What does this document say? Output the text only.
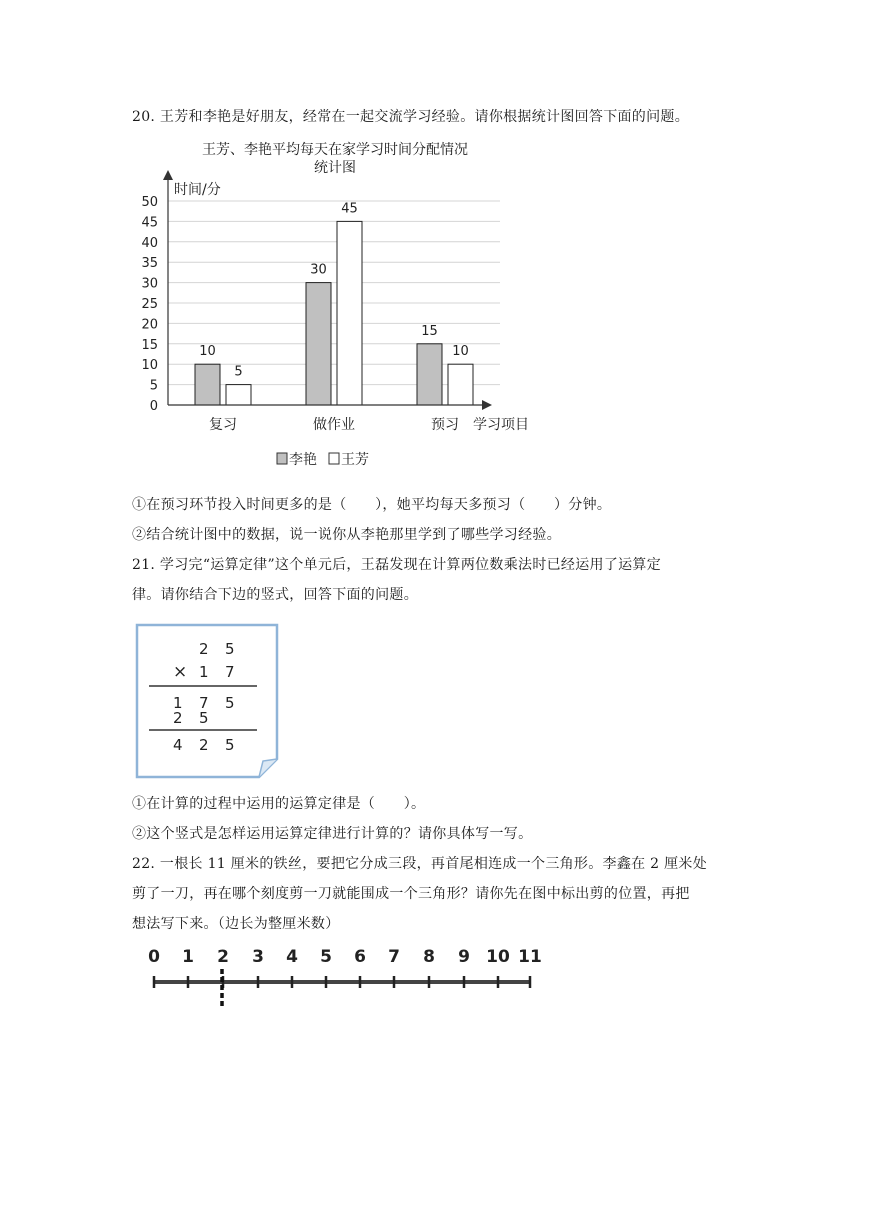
20. 王芳和李艳是好朋友，经常在一起交流学习经验。请你根据统计图回答下面的问题。
王芳、李艳平均每天在家学习时间分配情况
统计图
0
5
10
15
20
25
30
35
40
45
50
10
5
30
45
15
10
复习	做作业	预习
时间/分
学习项目
李艳 王芳
①在预习环节投入时间更多的是（　　），她平均每天多预习（　　）分钟。
②结合统计图中的数据，说一说你从李艳那里学到了哪些学习经验。
21. 学习完“运算定律”这个单元后，王磊发现在计算两位数乘法时已经运用了运算定
律。请你结合下边的竖式，回答下面的问题。
2 5
× 1 7
1 7 5
2 5
4 2 5
①在计算的过程中运用的运算定律是（　　）。
②这个竖式是怎样运用运算定律进行计算的？请你具体写一写。
22. 一根长 11 厘米的铁丝，要把它分成三段，再首尾相连成一个三角形。李鑫在 2 厘米处
剪了一刀，再在哪个刻度剪一刀就能围成一个三角形？请你先在图中标出剪的位置，再把
想法写下来。（边长为整厘米数）
0 1 2 3 4 5 6 7 8 9 10 11
